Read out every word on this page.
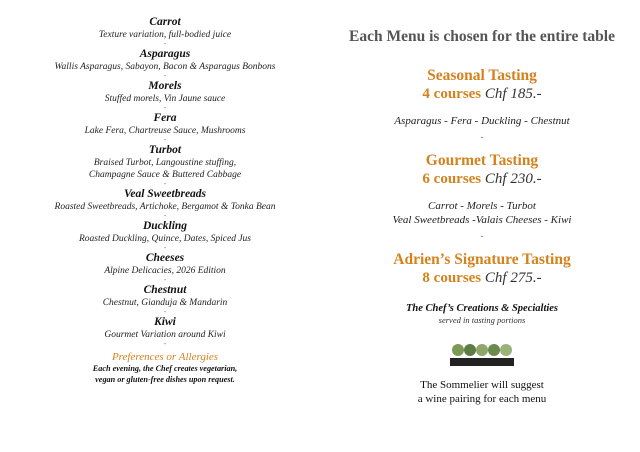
Carrot
Texture variation, full-bodied juice
-
Asparagus
Wallis Asparagus, Sabayon, Bacon & Asparagus Bonbons
-
Morels
Stuffed morels, Vin Jaune sauce
-
Fera
Lake Fera, Chartreuse Sauce, Mushrooms
-
Turbot
Braised Turbot, Langoustine stuffing,
Champagne Sauce & Buttered Cabbage
-
Veal Sweetbreads
Roasted Sweetbreads, Artichoke, Bergamot & Tonka Bean
-
Duckling
Roasted Duckling, Quince, Dates, Spiced Jus
-
Cheeses
Alpine Delicacies, 2026 Edition
-
Chestnut
Chestnut, Gianduja & Mandarin
-
Kiwi
Gourmet Variation around Kiwi
-
Preferences or Allergies
Each evening, the Chef creates vegetarian,
vegan or gluten-free dishes upon request.
Each Menu is chosen for the entire table
Seasonal Tasting
4 courses Chf 185.-
Asparagus - Fera - Duckling - Chestnut
-
Gourmet Tasting
6 courses Chf 230.-
Carrot - Morels - Turbot
Veal Sweetbreads -Valais Cheeses - Kiwi
-
Adrien’s Signature Tasting
8 courses Chf 275.-
The Chef’s Creations & Specialties
served in tasting portions
The Sommelier will suggest
a wine pairing for each menu
